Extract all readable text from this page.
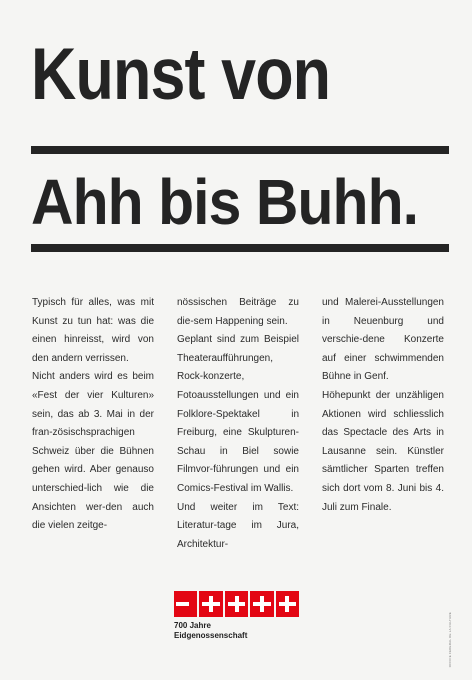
Kunst von
Ahh bis Buhh.

Typisch für alles, was mit Kunst zu tun hat: was die einen hinreisst, wird von den andern verrissen.

Nicht anders wird es beim «Fest der vier Kulturen» sein, das ab 3. Mai in der fran-zösischsprachigen Schweiz über die Bühnen gehen wird. Aber genauso unterschied-lich wie die Ansichten wer-den auch die vielen zeitge-

nössischen Beiträge zu die-sem Happening sein.

Geplant sind zum Beispiel Theateraufführungen, Rock-konzerte, Fotoausstellungen und ein Folklore-Spektakel in Freiburg, eine Skulpturen-Schau in Biel sowie Filmvor-führungen und ein Comics-Festival im Wallis.

Und weiter im Text: Literatur-tage im Jura, Architektur-

und Malerei-Ausstellungen in Neuenburg und verschie-dene Konzerte auf einer schwimmenden Bühne in Genf.

Höhepunkt der unzähligen Aktionen wird schliesslich das Spectacle des Arts in Lausanne sein. Künstler sämtlicher Sparten treffen sich dort vom 8. Juni bis 4. Juli zum Finale.

700 Jahre
Eidgenossenschaft	OFFICE FEDERAL DE LA CULTURE
